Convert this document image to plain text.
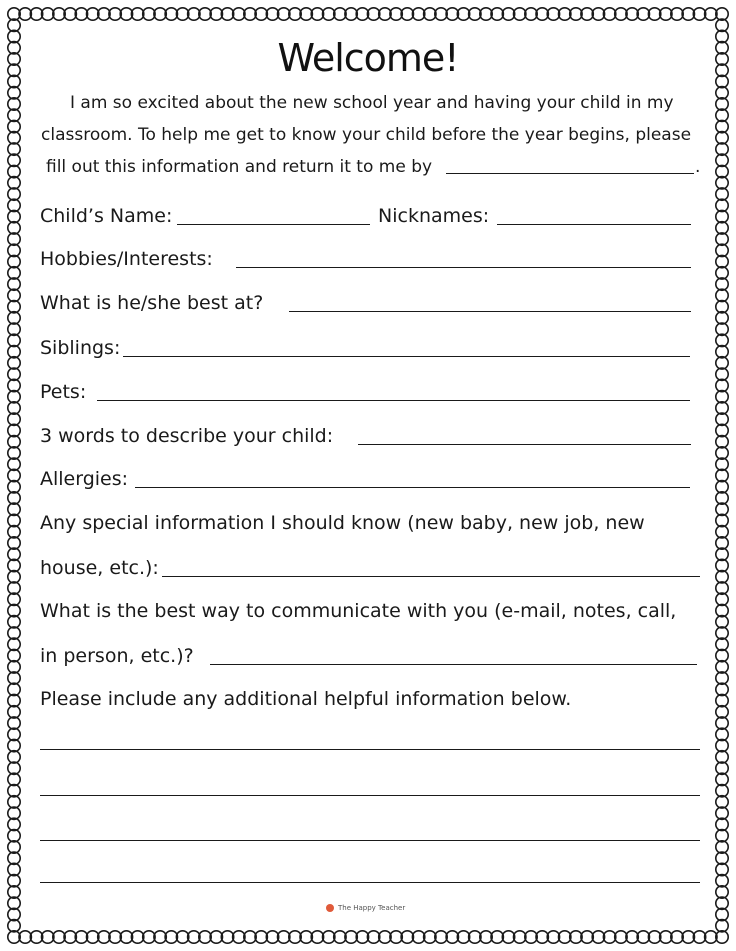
Welcome!
I am so excited about the new school year and having your child in my
classroom. To help me get to know your child before the year begins, please
fill out this information and return it to me by	.
Child’s Name:	Nicknames:
Hobbies/Interests:
What is he/she best at?
Siblings:
Pets:
3 words to describe your child:
Allergies:
Any special information I should know (new baby, new job, new
house, etc.):
What is the best way to communicate with you (e-mail, notes, call,
in person, etc.)?
Please include any additional helpful information below.
The Happy Teacher
